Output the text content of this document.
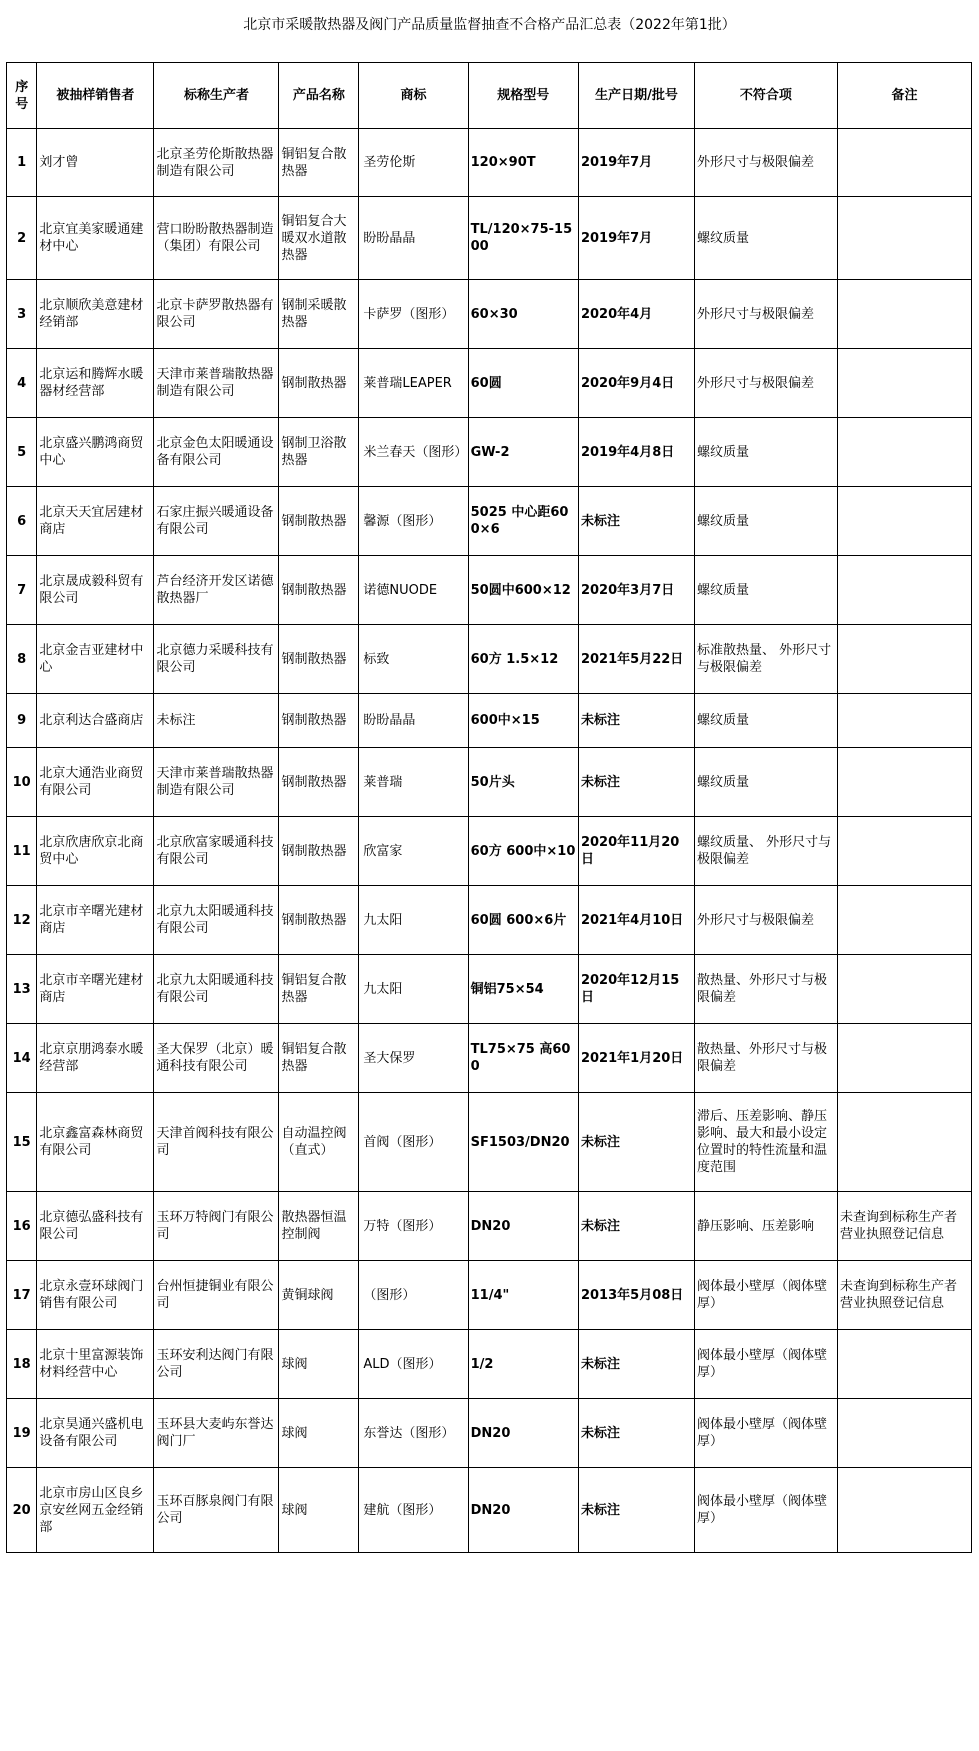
北京市采暖散热器及阀门产品质量监督抽查不合格产品汇总表（2022年第1批）
序号	被抽样销售者	标称生产者	产品名称	商标	规格型号	生产日期/批号	不符合项	备注
1	刘才曾	北京圣劳伦斯散热器制造有限公司	铜铝复合散热器	圣劳伦斯	120×90T	2019年7月	外形尺寸与极限偏差	
2	北京宜美家暖通建材中心	营口盼盼散热器制造（集团）有限公司	铜铝复合大暖双水道散热器	盼盼晶晶	TL/120×75-1500	2019年7月	螺纹质量	
3	北京顺欣美意建材经销部	北京卡萨罗散热器有限公司	钢制采暖散热器	卡萨罗（图形）	60×30	2020年4月	外形尺寸与极限偏差	
4	北京运和腾辉水暖器材经营部	天津市莱普瑞散热器制造有限公司	钢制散热器	莱普瑞LEAPER	60圆	2020年9月4日	外形尺寸与极限偏差	
5	北京盛兴鹏鸿商贸中心	北京金色太阳暖通设备有限公司	钢制卫浴散热器	米兰春天（图形）	GW-2	2019年4月8日	螺纹质量	
6	北京天天宜居建材商店	石家庄振兴暖通设备有限公司	钢制散热器	馨源（图形）	5025 中心距600×6	未标注	螺纹质量	
7	北京晟成毅科贸有限公司	芦台经济开发区诺德散热器厂	钢制散热器	诺德NUODE	50圆中600×12	2020年3月7日	螺纹质量	
8	北京金吉亚建材中心	北京德力采暖科技有限公司	钢制散热器	标致	60方 1.5×12	2021年5月22日	标准散热量、 外形尺寸与极限偏差	
9	北京利达合盛商店	未标注	钢制散热器	盼盼晶晶	600中×15	未标注	螺纹质量	
10	北京大通浩业商贸有限公司	天津市莱普瑞散热器制造有限公司	钢制散热器	莱普瑞	50片头	未标注	螺纹质量	
11	北京欣唐欣京北商贸中心	北京欣富家暖通科技有限公司	钢制散热器	欣富家	60方 600中×10	2020年11月20日	螺纹质量、 外形尺寸与极限偏差	
12	北京市辛曙光建材商店	北京九太阳暖通科技有限公司	钢制散热器	九太阳	60圆 600×6片	2021年4月10日	外形尺寸与极限偏差	
13	北京市辛曙光建材商店	北京九太阳暖通科技有限公司	铜铝复合散热器	九太阳	铜铝75×54	2020年12月15日	散热量、外形尺寸与极限偏差	
14	北京京朋鸿泰水暖经营部	圣大保罗（北京）暖通科技有限公司	铜铝复合散热器	圣大保罗	TL75×75 高600	2021年1月20日	散热量、外形尺寸与极限偏差	
15	北京鑫富森林商贸有限公司	天津首阀科技有限公司	自动温控阀（直式）	首阀（图形）	SF1503/DN20	未标注	滞后、压差影响、静压影响、最大和最小设定位置时的特性流量和温度范围	
16	北京德弘盛科技有限公司	玉环万特阀门有限公司	散热器恒温控制阀	万特（图形）	DN20	未标注	静压影响、压差影响	未查询到标称生产者营业执照登记信息
17	北京永壹环球阀门销售有限公司	台州恒捷铜业有限公司	黄铜球阀	（图形）	11/4"	2013年5月08日	阀体最小壁厚（阀体壁厚）	未查询到标称生产者营业执照登记信息
18	北京十里富源装饰材料经营中心	玉环安利达阀门有限公司	球阀	ALD（图形）	1/2	未标注	阀体最小壁厚（阀体壁厚）	
19	北京昊通兴盛机电设备有限公司	玉环县大麦屿东誉达阀门厂	球阀	东誉达（图形）	DN20	未标注	阀体最小壁厚（阀体壁厚）	
20	北京市房山区良乡京安丝网五金经销部	玉环百豚泉阀门有限公司	球阀	建航（图形）	DN20	未标注	阀体最小壁厚（阀体壁厚）	
